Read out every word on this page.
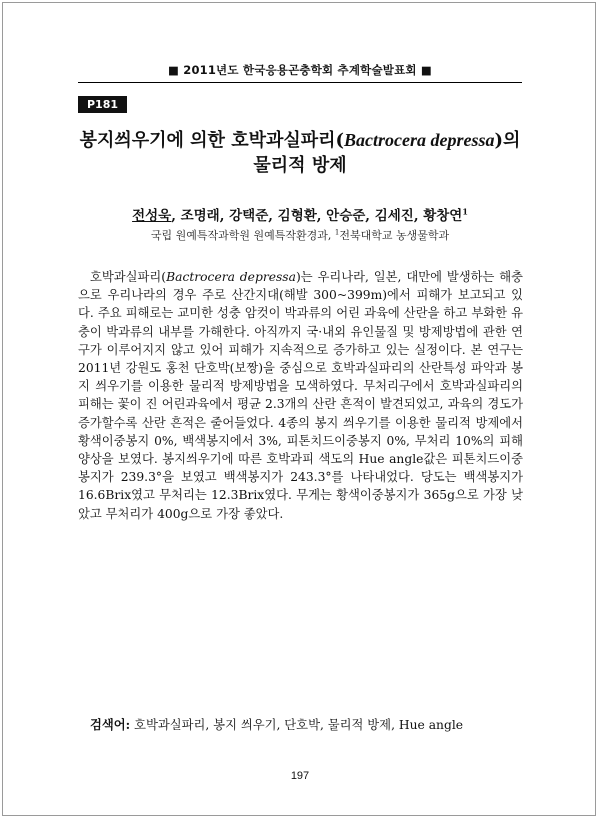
■ 2011년도 한국응용곤충학회 추계학술발표회 ■
P181
봉지씌우기에 의한 호박과실파리(Bactrocera depressa)의
물리적 방제
전성욱, 조명래, 강택준, 김형환, 안승준, 김세진, 황창연$^1$
국립 원예특작과학원 원예특작환경과, $^1$전북대학교 농생물학과
호박과실파리(Bactrocera depressa)는 우리나라, 일본, 대만에 발생하는 해충으로 우리나라의 경우 주로 산간지대(해발 300~399m)에서 피해가 보고되고 있다. 주요 피해로는 교미한 성충 암컷이 박과류의 어린 과육에 산란을 하고 부화한 유충이 박과류의 내부를 가해한다. 아직까지 국·내외 유인물질 및 방제방법에 관한 연구가 이루어지지 않고 있어 피해가 지속적으로 증가하고 있는 실정이다. 본 연구는 2011년 강원도 홍천 단호박(보짱)을 중심으로 호박과실파리의 산란특성 파악과 봉지 씌우기를 이용한 물리적 방제방법을 모색하였다. 무처리구에서 호박과실파리의 피해는 꽃이 진 어린과육에서 평균 2.3개의 산란 흔적이 발견되었고, 과육의 경도가 증가할수록 산란 흔적은 줄어들었다. 4종의 봉지 씌우기를 이용한 물리적 방제에서 황색이중봉지 0%, 백색봉지에서 3%, 피톤치드이중봉지 0%, 무처리 10%의 피해양상을 보였다. 봉지씌우기에 따른 호박과피 색도의 Hue angle값은 피톤치드이중봉지가 239.3°을 보였고 백색봉지가 243.3°를 나타내었다. 당도는 백색봉지가 16.6Brix였고 무처리는 12.3Brix였다. 무게는 황색이중봉지가 365g으로 가장 낮았고 무처리가 400g으로 가장 좋았다.
검색어: 호박과실파리, 봉지 씌우기, 단호박, 물리적 방제, Hue angle
197
